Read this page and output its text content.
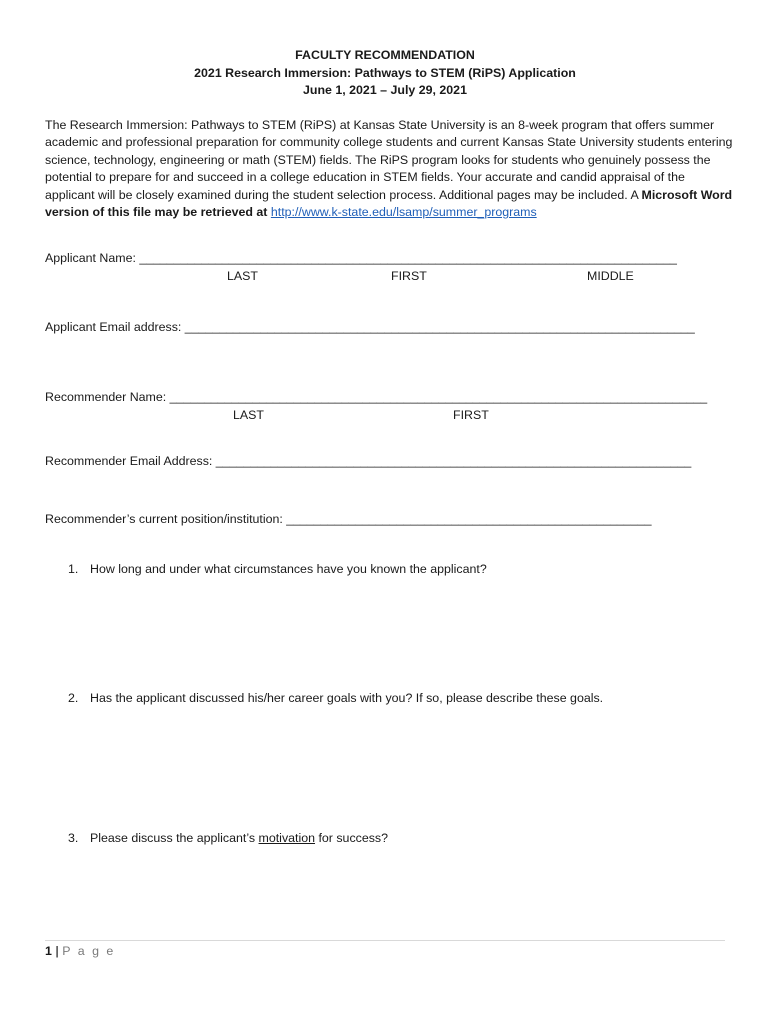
FACULTY RECOMMENDATION
2021 Research Immersion: Pathways to STEM (RiPS) Application
June 1, 2021 – July 29, 2021
The Research Immersion: Pathways to STEM (RiPS) at Kansas State University is an 8-week program that offers summer academic and professional preparation for community college students and current Kansas State University students entering science, technology, engineering or math (STEM) fields. The RiPS program looks for students who genuinely possess the potential to prepare for and succeed in a college education in STEM fields. Your accurate and candid appraisal of the applicant will be closely examined during the student selection process. Additional pages may be included. A Microsoft Word version of this file may be retrieved at http://www.k-state.edu/lsamp/summer_programs
Applicant Name: ______________________________________________________________________________
LAST	FIRST	MIDDLE
Applicant Email address: __________________________________________________________________________
Recommender Name: ______________________________________________________________________________
LAST	FIRST
Recommender Email Address: _____________________________________________________________________
Recommender’s current position/institution: _____________________________________________________
1. How long and under what circumstances have you known the applicant?
2. Has the applicant discussed his/her career goals with you? If so, please describe these goals.
3. Please discuss the applicant’s motivation for success?
1 | P a g e
